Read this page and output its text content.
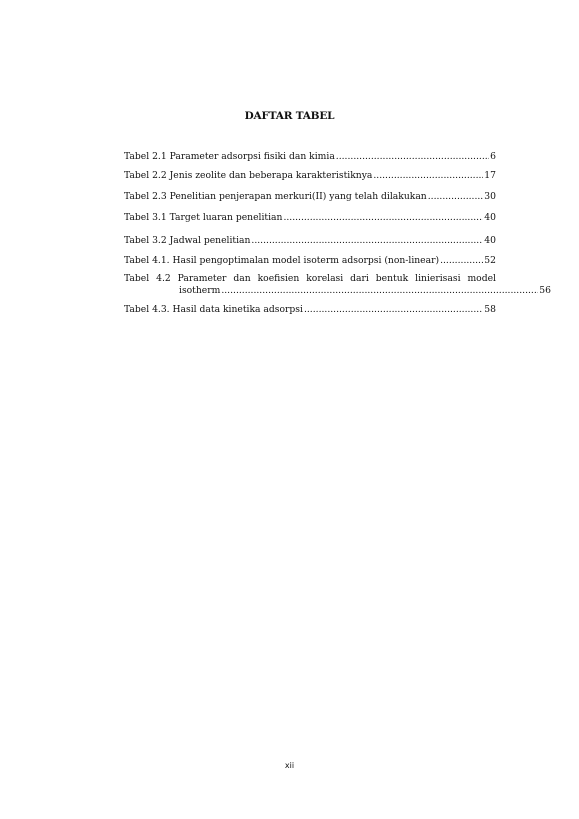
DAFTAR TABEL
Tabel 2.1 Parameter adsorpsi fisiki dan kimia .....	6
Tabel 2.2 Jenis zeolite dan beberapa karakteristiknya .....	17
Tabel 2.3 Penelitian penjerapan merkuri(II) yang telah dilakukan .....	30
Tabel 3.1 Target luaran penelitian .....	40
Tabel 3.2 Jadwal penelitian .....	40
Tabel 4.1. Hasil pengoptimalan model isoterm adsorpsi (non-linear) .....	52
Tabel 4.2 Parameter dan koefisien korelasi dari bentuk linierisasi model
isotherm .....	56
Tabel 4.3. Hasil data kinetika adsorpsi .....	58
xii
